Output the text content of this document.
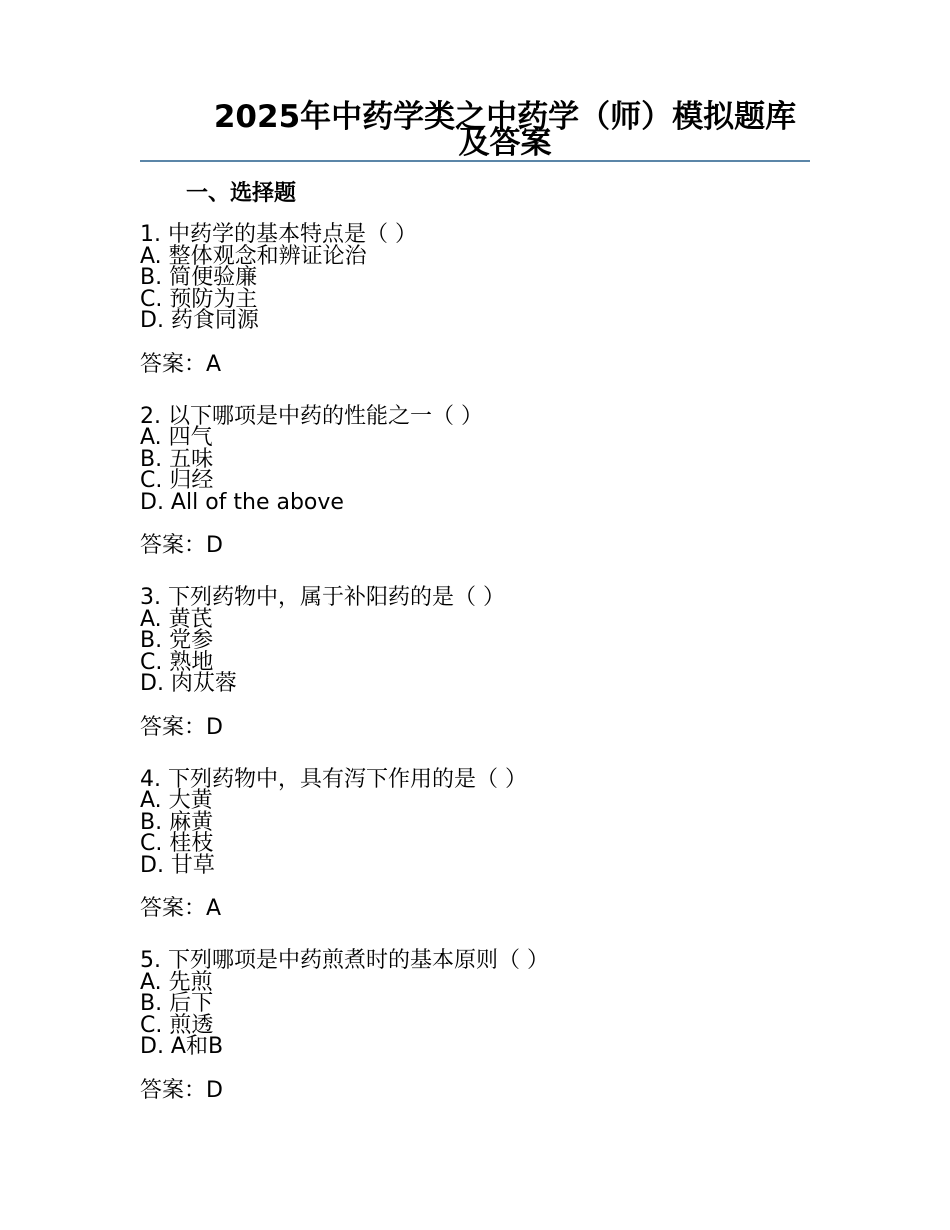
2025年中药学类之中药学（师）模拟题库及答案
一、选择题
1. 中药学的基本特点是（ ）
A. 整体观念和辨证论治
B. 简便验廉
C. 预防为主
D. 药食同源
答案：A
2. 以下哪项是中药的性能之一（ ）
A. 四气
B. 五味
C. 归经
D. All of the above
答案：D
3. 下列药物中，属于补阳药的是（ ）
A. 黄芪
B. 党参
C. 熟地
D. 肉苁蓉
答案：D
4. 下列药物中，具有泻下作用的是（ ）
A. 大黄
B. 麻黄
C. 桂枝
D. 甘草
答案：A
5. 下列哪项是中药煎煮时的基本原则（ ）
A. 先煎
B. 后下
C. 煎透
D. A和B
答案：D
